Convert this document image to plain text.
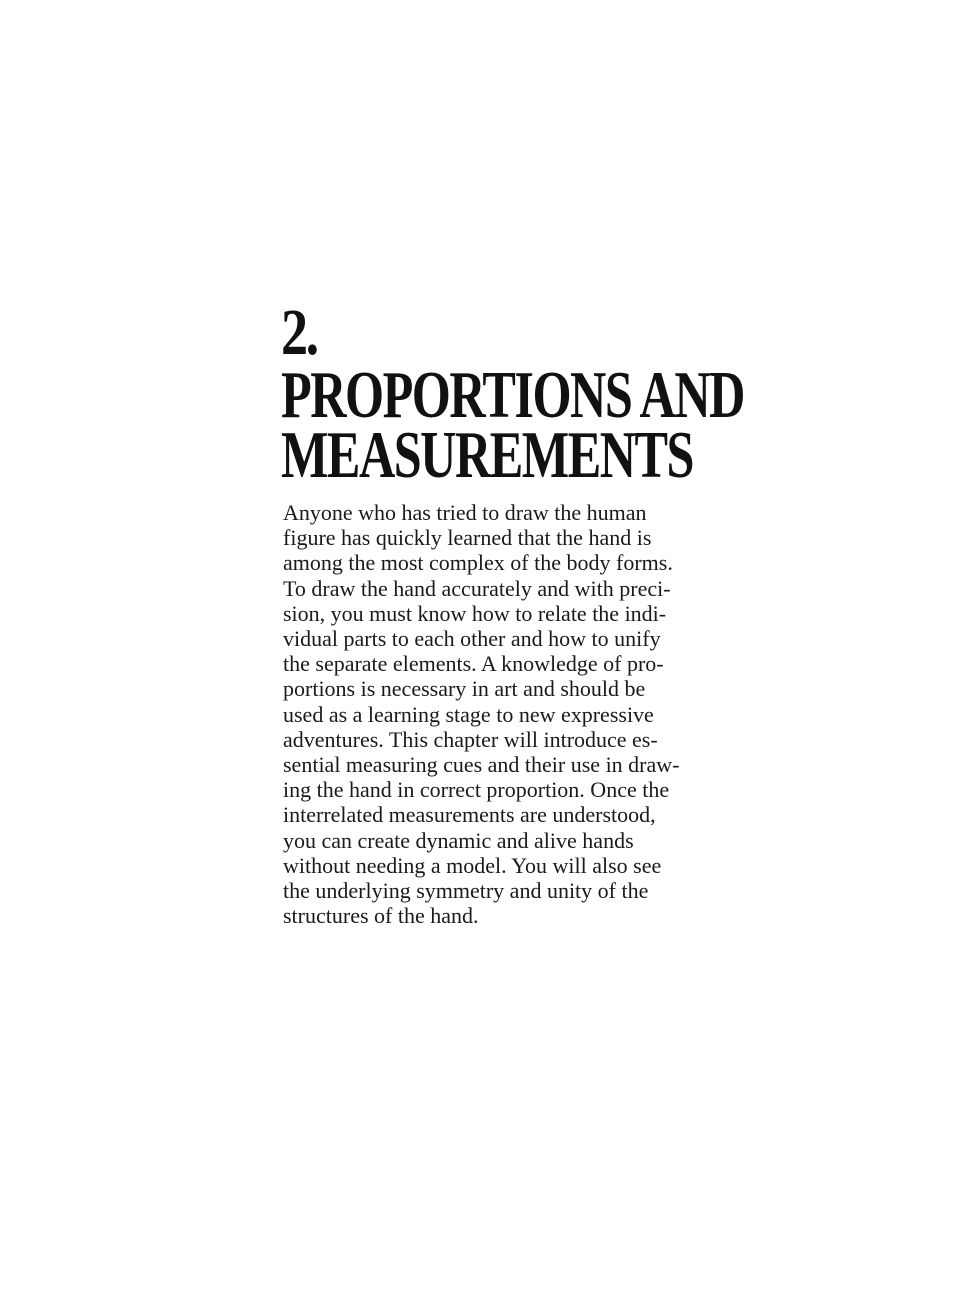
2.
PROPORTIONS AND
MEASUREMENTS
Anyone who has tried to draw the human
figure has quickly learned that the hand is
among the most complex of the body forms.
To draw the hand accurately and with preci-
sion, you must know how to relate the indi-
vidual parts to each other and how to unify
the separate elements. A knowledge of pro-
portions is necessary in art and should be
used as a learning stage to new expressive
adventures. This chapter will introduce es-
sential measuring cues and their use in draw-
ing the hand in correct proportion. Once the
interrelated measurements are understood,
you can create dynamic and alive hands
without needing a model. You will also see
the underlying symmetry and unity of the
structures of the hand.
